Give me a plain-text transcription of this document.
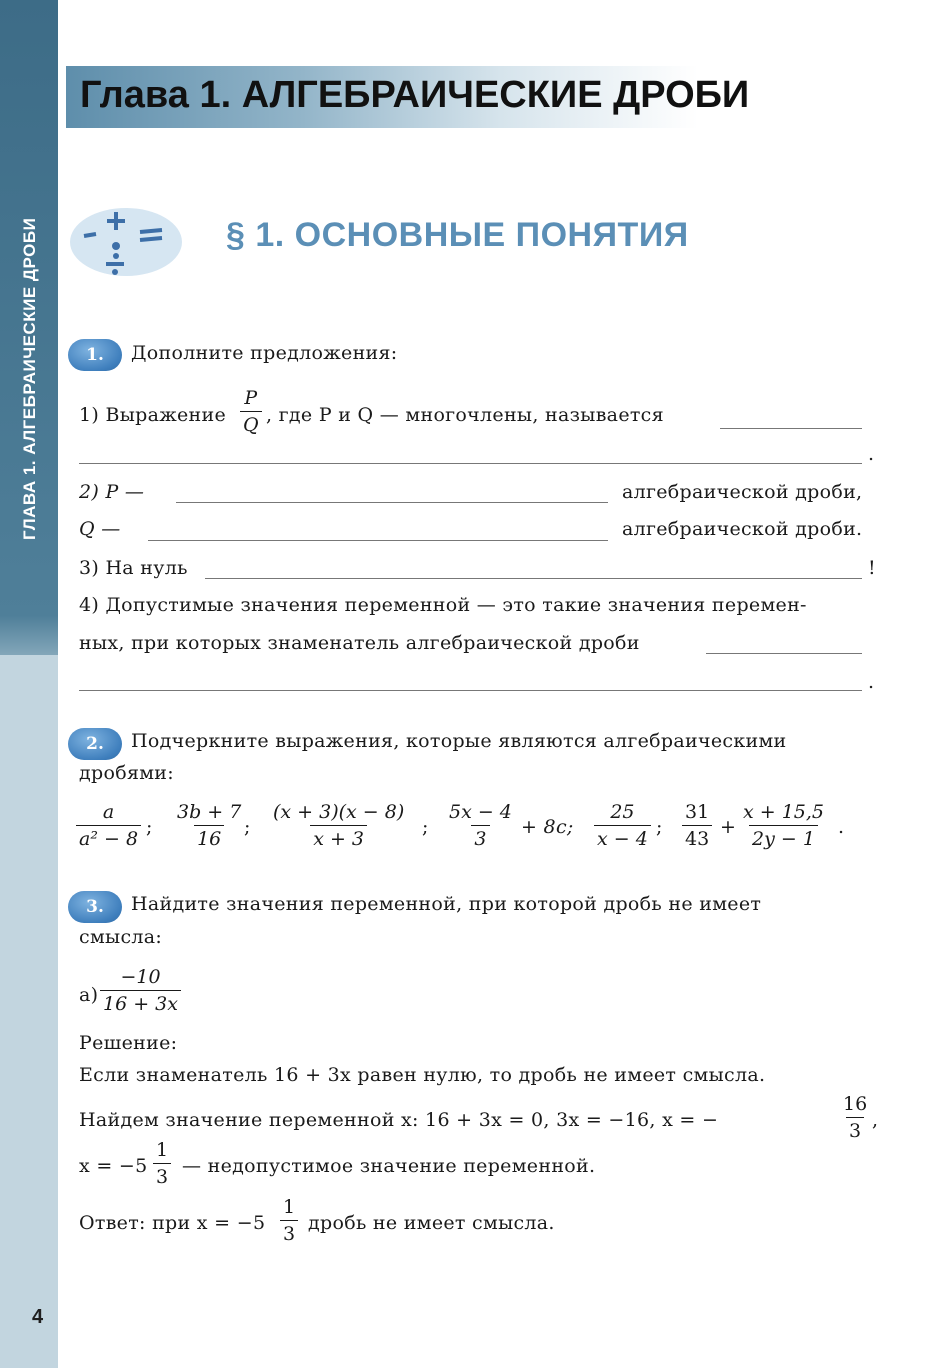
ГЛАВА 1. АЛГЕБРАИЧЕСКИЕ ДРОБИ
4
Глава 1. АЛГЕБРАИЧЕСКИЕ ДРОБИ
§ 1. ОСНОВНЫЕ ПОНЯТИЯ
1.	Дополните предложения:
1) Выражение $\frac{P}{Q}$ , где P и Q — многочлены, называется
.
2) P —	алгебраической дроби,
Q —	алгебраической дроби.
3) На нуль	!
4) Допустимые значения переменной — это такие значения перемен-
ных, при которых знаменатель алгебраической дроби
.
2.	Подчеркните выражения, которые являются алгебраическими
дробями:
$\frac{a}{\text{a² − 8}}$ ; $\frac{3b + 7}{16}$ ; $\frac{(x + 3)(x - 8)}{x + 3}$ ; $\frac{5x - 4}{3} + 8c$; $\frac{25}{x - 4}$ ; $\frac{31}{43} + \frac{x + 15,5}{2y - 1}$ .
3.	Найдите значения переменной, при которой дробь не имеет
смысла:
$а) \frac{-10}{16 + 3x}$
Решение:
Если знаменатель 16 + 3x равен нулю, то дробь не имеет смысла.
Найдем значение переменной x: 16 + 3x = 0, 3x = −16, x = −	$\frac{16}{3}$ ,
$x = -5 \frac{1}{3}$ — недопустимое значение переменной.
Ответ: при $x = -5 \frac{1}{3}$ дробь не имеет смысла.
